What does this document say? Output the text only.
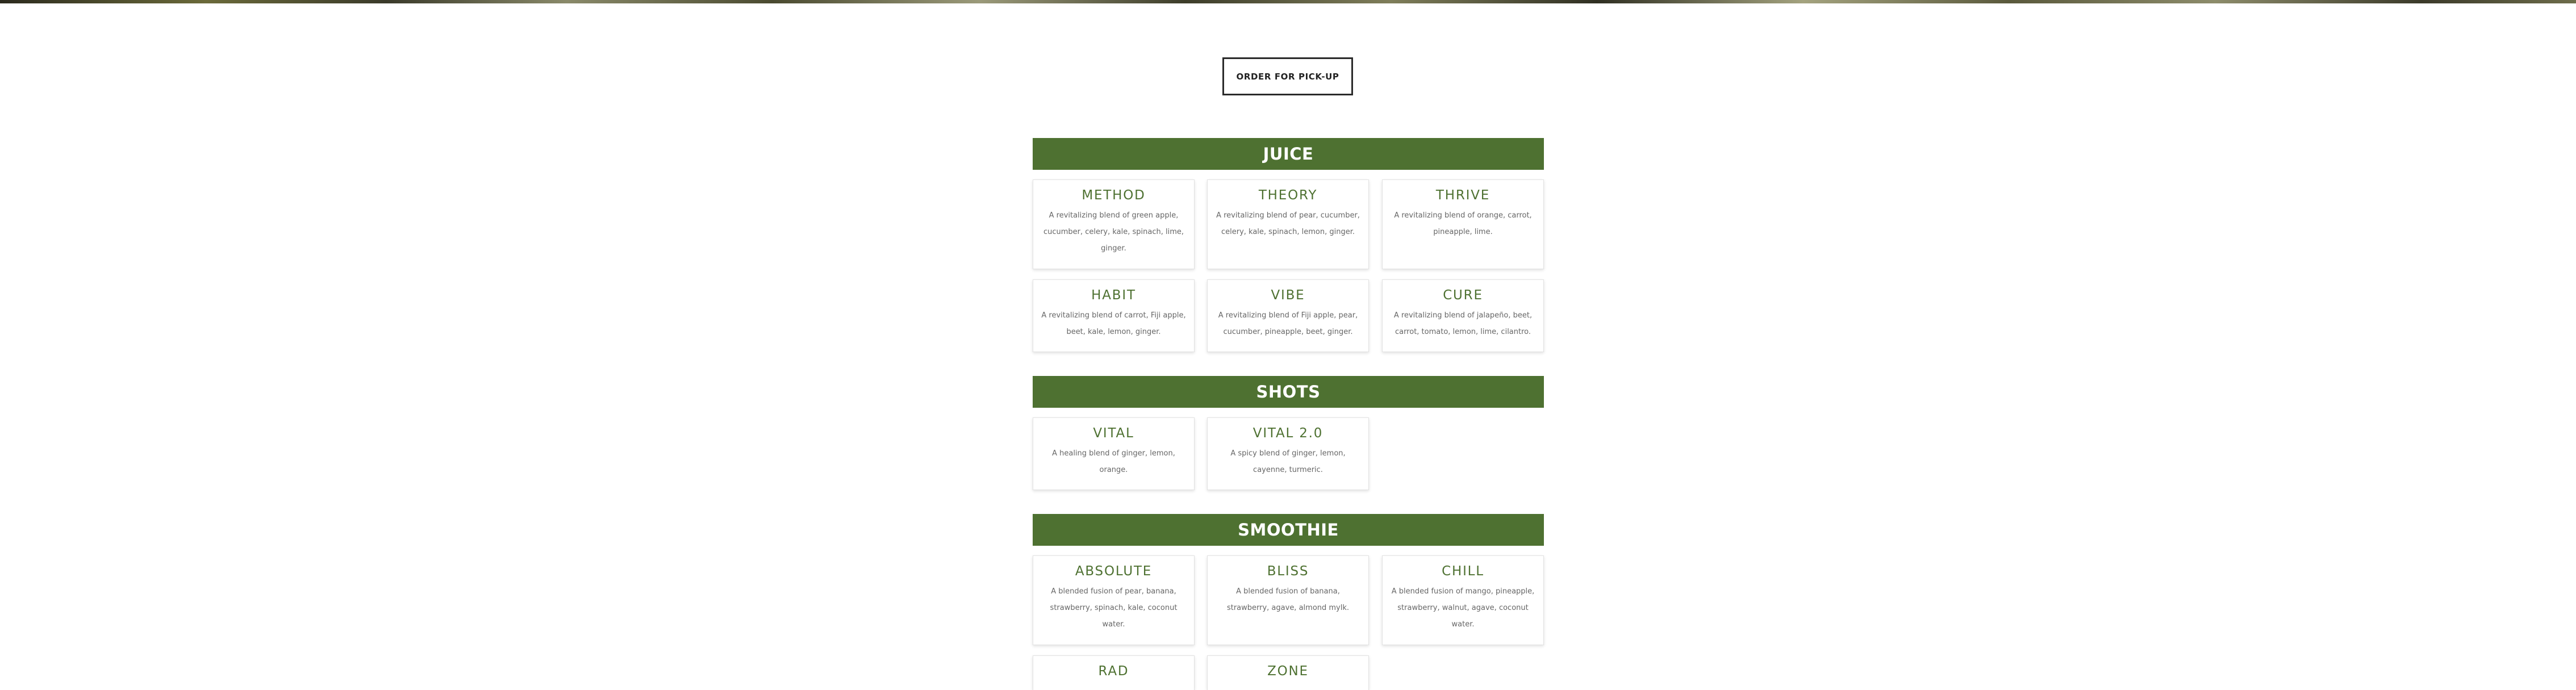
ORDER FOR PICK-UP
JUICE
METHOD
A revitalizing blend of green apple, cucumber, celery, kale, spinach, lime, ginger.
THEORY
A revitalizing blend of pear, cucumber, celery, kale, spinach, lemon, ginger.
THRIVE
A revitalizing blend of orange, carrot, pineapple, lime.
HABIT
A revitalizing blend of carrot, Fiji apple, beet, kale, lemon, ginger.
VIBE
A revitalizing blend of Fiji apple, pear, cucumber, pineapple, beet, ginger.
CURE
A revitalizing blend of jalapeño, beet, carrot, tomato, lemon, lime, cilantro.
SHOTS
VITAL
A healing blend of ginger, lemon, orange.
VITAL 2.0
A spicy blend of ginger, lemon, cayenne, turmeric.
SMOOTHIE
ABSOLUTE
A blended fusion of pear, banana, strawberry, spinach, kale, coconut water.
BLISS
A blended fusion of banana, strawberry, agave, almond mylk.
CHILL
A blended fusion of mango, pineapple, strawberry, walnut, agave, coconut water.
RAD	ZONE
